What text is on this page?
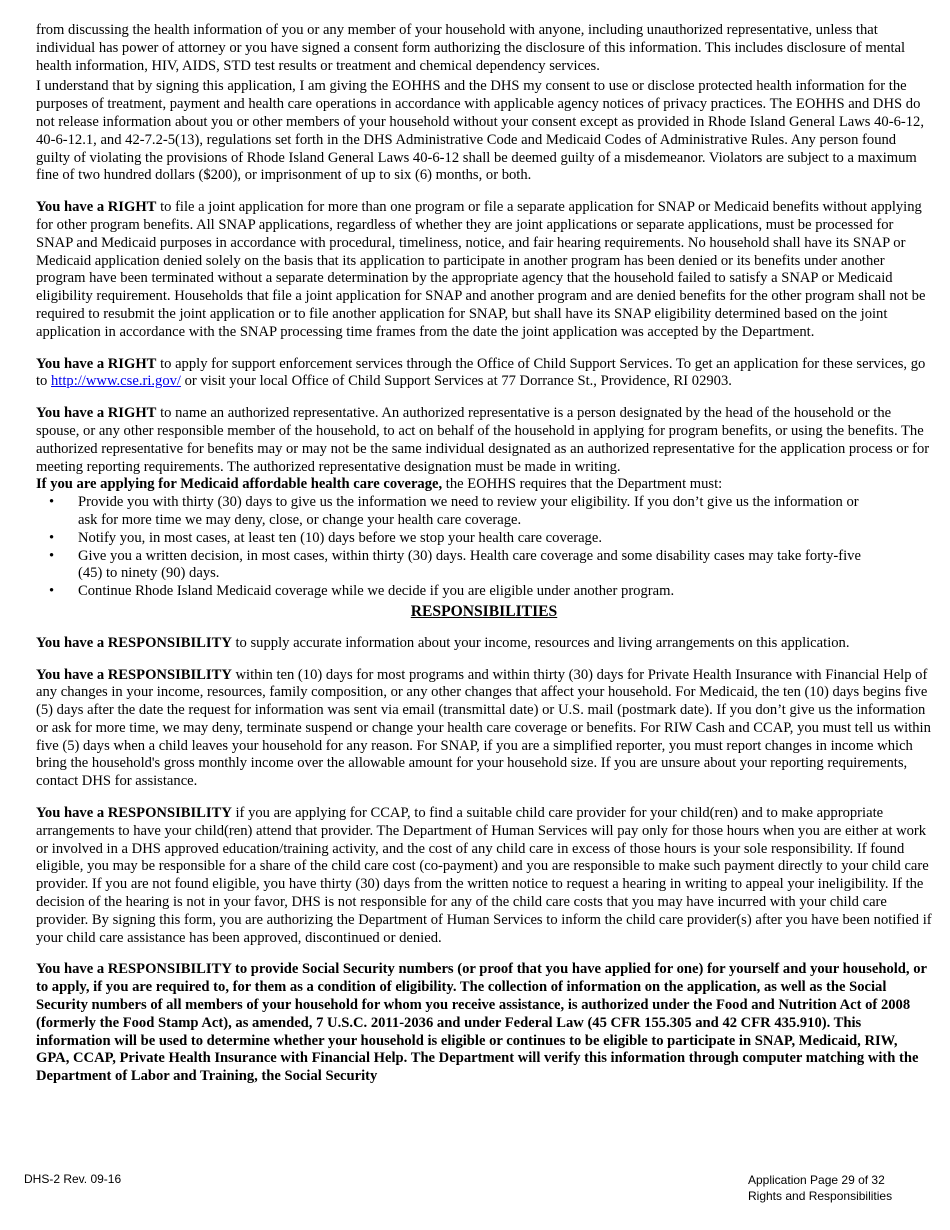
from discussing the health information of you or any member of your household with anyone, including unauthorized representative, unless that individual has power of attorney or you have signed a consent form authorizing the disclosure of this information. This includes disclosure of mental health information, HIV, AIDS, STD test results or treatment and chemical dependency services.

I understand that by signing this application, I am giving the EOHHS and the DHS my consent to use or disclose protected health information for the purposes of treatment, payment and health care operations in accordance with applicable agency notices of privacy practices. The EOHHS and DHS do not release information about you or other members of your household without your consent except as provided in Rhode Island General Laws 40-6-12, 40-6-12.1, and 42-7.2-5(13), regulations set forth in the DHS Administrative Code and Medicaid Codes of Administrative Rules. Any person found guilty of violating the provisions of Rhode Island General Laws 40-6-12 shall be deemed guilty of a misdemeanor. Violators are subject to a maximum fine of two hundred dollars ($200), or imprisonment of up to six (6) months, or both.

You have a RIGHT to file a joint application for more than one program or file a separate application for SNAP or Medicaid benefits without applying for other program benefits. All SNAP applications, regardless of whether they are joint applications or separate applications, must be processed for SNAP and Medicaid purposes in accordance with procedural, timeliness, notice, and fair hearing requirements. No household shall have its SNAP or Medicaid application denied solely on the basis that its application to participate in another program has been denied or its benefits under another program have been terminated without a separate determination by the appropriate agency that the household failed to satisfy a SNAP or Medicaid eligibility requirement. Households that file a joint application for SNAP and another program and are denied benefits for the other program shall not be required to resubmit the joint application or to file another application for SNAP, but shall have its SNAP eligibility determined based on the joint application in accordance with the SNAP processing time frames from the date the joint application was accepted by the Department.

You have a RIGHT to apply for support enforcement services through the Office of Child Support Services. To get an application for these services, go to http://www.cse.ri.gov/ or visit your local Office of Child Support Services at 77 Dorrance St., Providence, RI 02903.

You have a RIGHT to name an authorized representative. An authorized representative is a person designated by the head of the household or the spouse, or any other responsible member of the household, to act on behalf of the household in applying for program benefits, or using the benefits. The authorized representative for benefits may or may not be the same individual designated as an authorized representative for the application process or for meeting reporting requirements. The authorized representative designation must be made in writing.

If you are applying for Medicaid affordable health care coverage, the EOHHS requires that the Department must:

• Provide you with thirty (30) days to give us the information we need to review your eligibility. If you don’t give us the information or ask for more time we may deny, close, or change your health care coverage.
• Notify you, in most cases, at least ten (10) days before we stop your health care coverage.
• Give you a written decision, in most cases, within thirty (30) days. Health care coverage and some disability cases may take forty-five (45) to ninety (90) days.
• Continue Rhode Island Medicaid coverage while we decide if you are eligible under another program.
RESPONSIBILITIES

You have a RESPONSIBILITY to supply accurate information about your income, resources and living arrangements on this application.

You have a RESPONSIBILITY within ten (10) days for most programs and within thirty (30) days for Private Health Insurance with Financial Help of any changes in your income, resources, family composition, or any other changes that affect your household. For Medicaid, the ten (10) days begins five (5) days after the date the request for information was sent via email (transmittal date) or U.S. mail (postmark date). If you don’t give us the information or ask for more time, we may deny, terminate suspend or change your health care coverage or benefits. For RIW Cash and CCAP, you must tell us within five (5) days when a child leaves your household for any reason. For SNAP, if you are a simplified reporter, you must report changes in income which bring the household's gross monthly income over the allowable amount for your household size. If you are unsure about your reporting requirements, contact DHS for assistance.

You have a RESPONSIBILITY if you are applying for CCAP, to find a suitable child care provider for your child(ren) and to make appropriate arrangements to have your child(ren) attend that provider. The Department of Human Services will pay only for those hours when you are either at work or involved in a DHS approved education/training activity, and the cost of any child care in excess of those hours is your sole responsibility. If found eligible, you may be responsible for a share of the child care cost (co-payment) and you are responsible to make such payment directly to your child care provider. If you are not found eligible, you have thirty (30) days from the written notice to request a hearing in writing to appeal your ineligibility. If the decision of the hearing is not in your favor, DHS is not responsible for any of the child care costs that you may have incurred with your child care provider. By signing this form, you are authorizing the Department of Human Services to inform the child care provider(s) after you have been notified if your child care assistance has been approved, discontinued or denied.

You have a RESPONSIBILITY to provide Social Security numbers (or proof that you have applied for one) for yourself and your household, or to apply, if you are required to, for them as a condition of eligibility. The collection of information on the application, as well as the Social Security numbers of all members of your household for whom you receive assistance, is authorized under the Food and Nutrition Act of 2008 (formerly the Food Stamp Act), as amended, 7 U.S.C. 2011-2036 and under Federal Law (45 CFR 155.305 and 42 CFR 435.910). This information will be used to determine whether your household is eligible or continues to be eligible to participate in SNAP, Medicaid, RIW, GPA, CCAP, Private Health Insurance with Financial Help. The Department will verify this information through computer matching with the Department of Labor and Training, the Social Security

DHS-2 Rev. 09-16	Application Page 29 of 32
Rights and Responsibilities
